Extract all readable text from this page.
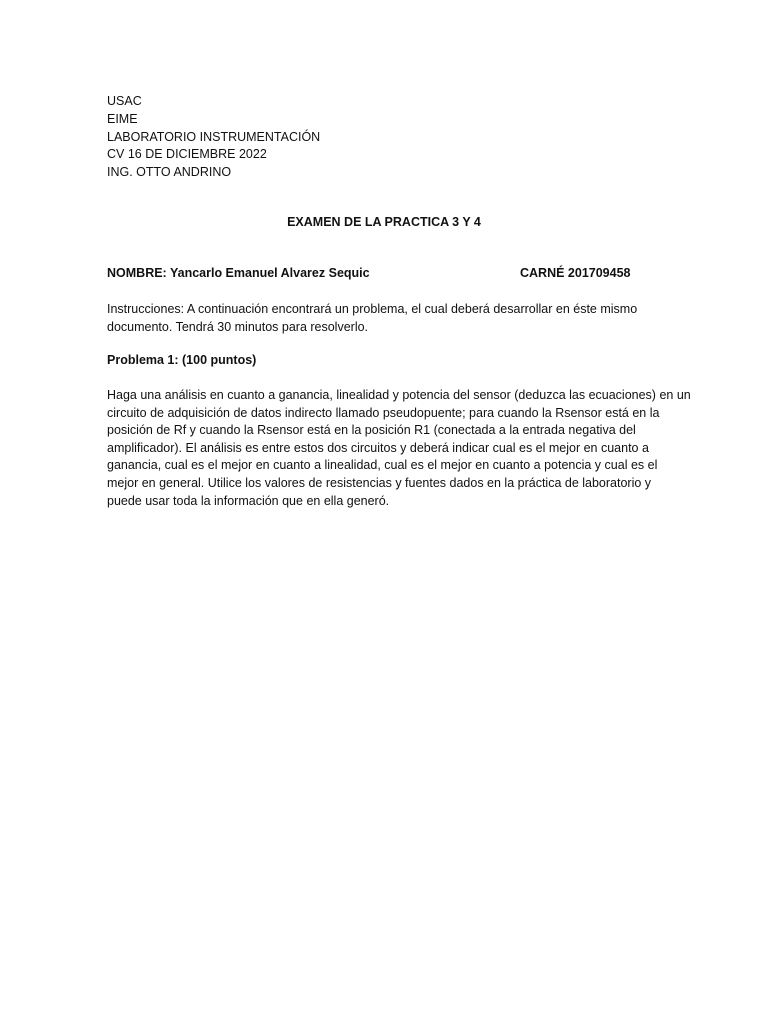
USAC
EIME
LABORATORIO INSTRUMENTACIÓN
CV 16 DE DICIEMBRE 2022
ING. OTTO ANDRINO
EXAMEN DE LA PRACTICA 3 Y 4
NOMBRE: Yancarlo Emanuel Alvarez Sequic	CARNÉ 201709458
Instrucciones: A continuación encontrará un problema, el cual deberá desarrollar en éste mismo
documento. Tendrá 30 minutos para resolverlo.
Problema 1: (100 puntos)
Haga una análisis en cuanto a ganancia, linealidad y potencia del sensor (deduzca las ecuaciones) en un
circuito de adquisición de datos indirecto llamado pseudopuente; para cuando la Rsensor está en la
posición de Rf y cuando la Rsensor está en la posición R1 (conectada a la entrada negativa del
amplificador). El análisis es entre estos dos circuitos y deberá indicar cual es el mejor en cuanto a
ganancia, cual es el mejor en cuanto a linealidad, cual es el mejor en cuanto a potencia y cual es el
mejor en general. Utilice los valores de resistencias y fuentes dados en la práctica de laboratorio y
puede usar toda la información que en ella generó.
